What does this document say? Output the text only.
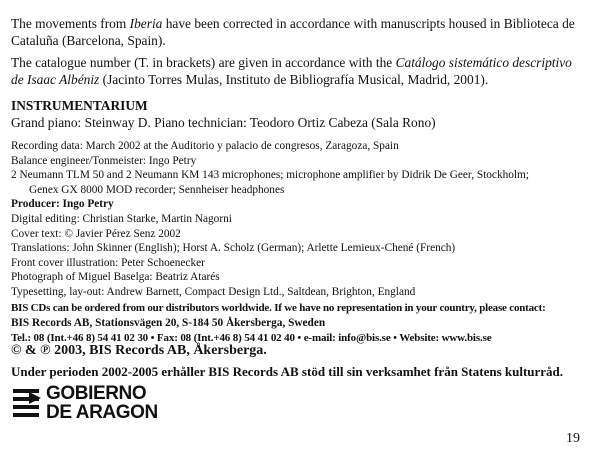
The movements from Iberia have been corrected in accordance with manuscripts housed in Biblioteca de

Cataluña (Barcelona, Spain).

The catalogue number (T. in brackets) are given in accordance with the Catálogo sistemático descriptivo

de Isaac Albéniz (Jacinto Torres Mulas, Instituto de Bibliografía Musical, Madrid, 2001).

INSTRUMENTARIUM

Grand piano: Steinway D. Piano technician: Teodoro Ortiz Cabeza (Sala Rono)

Recording data: March 2002 at the Auditorio y palacio de congresos, Zaragoza, Spain

Balance engineer/Tonmeister: Ingo Petry

2 Neumann TLM 50 and 2 Neumann KM 143 microphones; microphone amplifier by Didrik De Geer, Stockholm;

Genex GX 8000 MOD recorder; Sennheiser headphones

Producer: Ingo Petry

Digital editing: Christian Starke, Martin Nagorni

Cover text: © Javier Pérez Senz 2002

Translations: John Skinner (English); Horst A. Scholz (German); Arlette Lemieux-Chené (French)

Front cover illustration: Peter Schoenecker

Photograph of Miguel Baselga: Beatriz Atarés

Typesetting, lay-out: Andrew Barnett, Compact Design Ltd., Saltdean, Brighton, England

BIS CDs can be ordered from our distributors worldwide. If we have no representation in your country, please contact:

BIS Records AB, Stationsvägen 20, S-184 50 Åkersberga, Sweden

Tel.: 08 (Int.+46 8) 54 41 02 30 • Fax: 08 (Int.+46 8) 54 41 02 40 • e-mail: info@bis.se • Website: www.bis.se

© & ℗ 2003, BIS Records AB, Åkersberga.

Under perioden 2002-2005 erhåller BIS Records AB stöd till sin verksamhet från Statens kulturråd.

GOBIERNO
DE ARAGON
19
